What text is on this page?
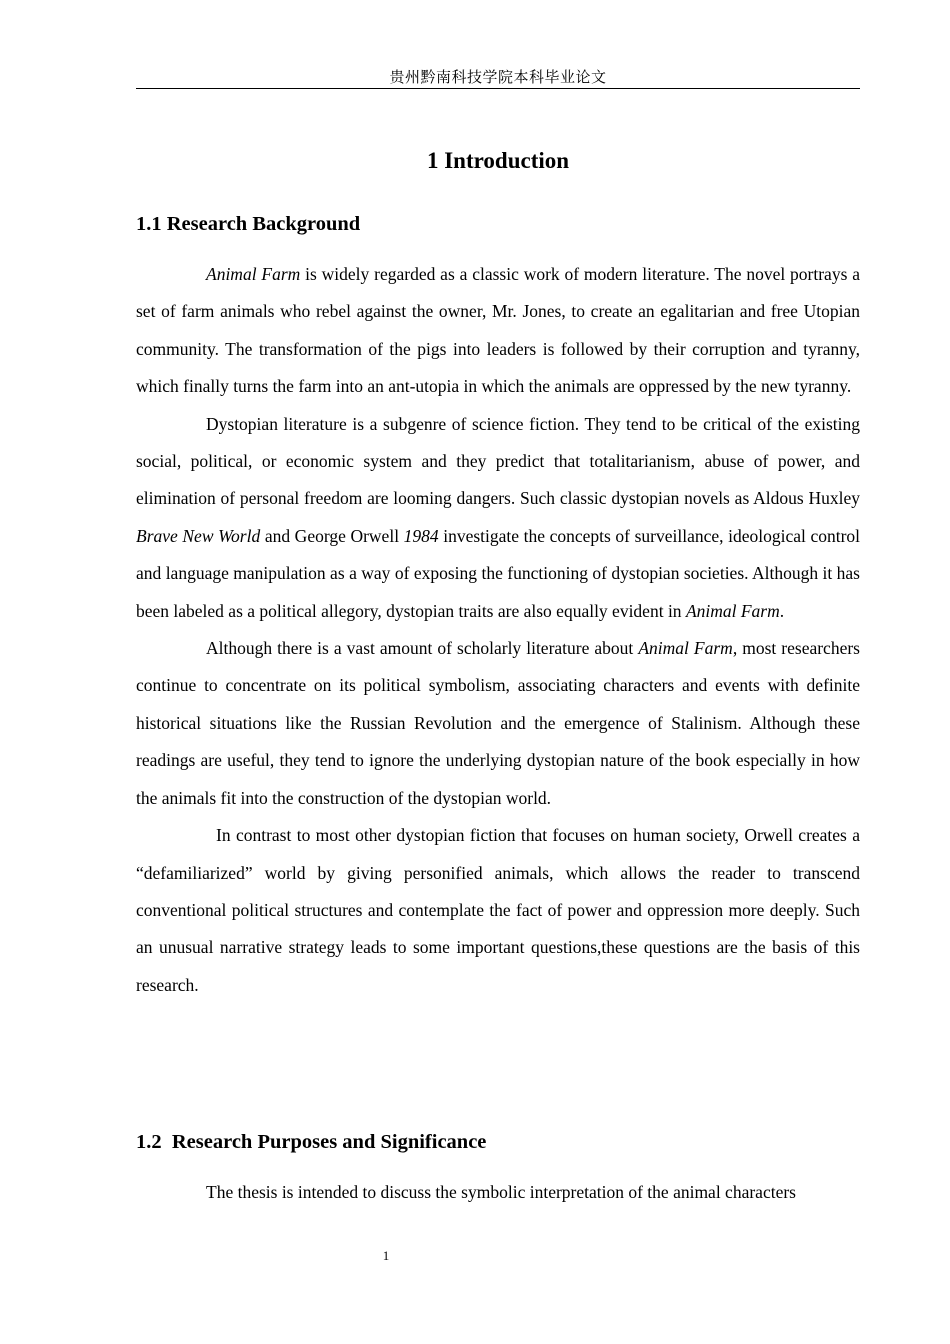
贵州黔南科技学院本科毕业论文
1 Introduction
1.1 Research Background

Animal Farm is widely regarded as a classic work of modern literature. The novel portrays a set of farm animals who rebel against the owner, Mr. Jones, to create an egalitarian and free Utopian community. The transformation of the pigs into leaders is followed by their corruption and tyranny, which finally turns the farm into an ant-utopia in which the animals are oppressed by the new tyranny.

Dystopian literature is a subgenre of science fiction. They tend to be critical of the existing social, political, or economic system and they predict that totalitarianism, abuse of power, and elimination of personal freedom are looming dangers. Such classic dystopian novels as Aldous Huxley Brave New World and George Orwell 1984 investigate the concepts of surveillance, ideological control and language manipulation as a way of exposing the functioning of dystopian societies. Although it has been labeled as a political allegory, dystopian traits are also equally evident in Animal Farm.

Although there is a vast amount of scholarly literature about Animal Farm, most researchers continue to concentrate on its political symbolism, associating characters and events with definite historical situations like the Russian Revolution and the emergence of Stalinism. Although these readings are useful, they tend to ignore the underlying dystopian nature of the book especially in how the animals fit into the construction of the dystopian world.

In contrast to most other dystopian fiction that focuses on human society, Orwell creates a “defamiliarized” world by giving personified animals, which allows the reader to transcend conventional political structures and contemplate the fact of power and oppression more deeply. Such an unusual narrative strategy leads to some important questions,these questions are the basis of this research.

1.2  Research Purposes and Significance

The thesis is intended to discuss the symbolic interpretation of the animal characters

1
